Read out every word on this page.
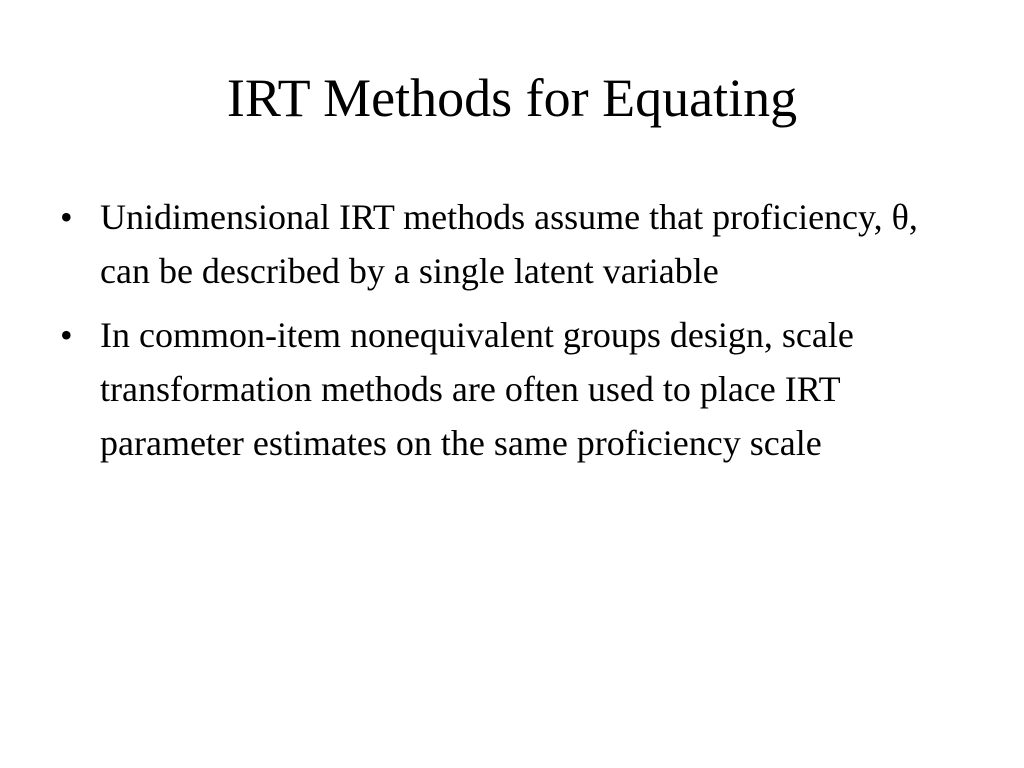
IRT Methods for Equating
• Unidimensional IRT methods assume that proficiency, θ, can be described by a single latent variable
• In common-item nonequivalent groups design, scale transformation methods are often used to place IRT parameter estimates on the same proficiency scale
